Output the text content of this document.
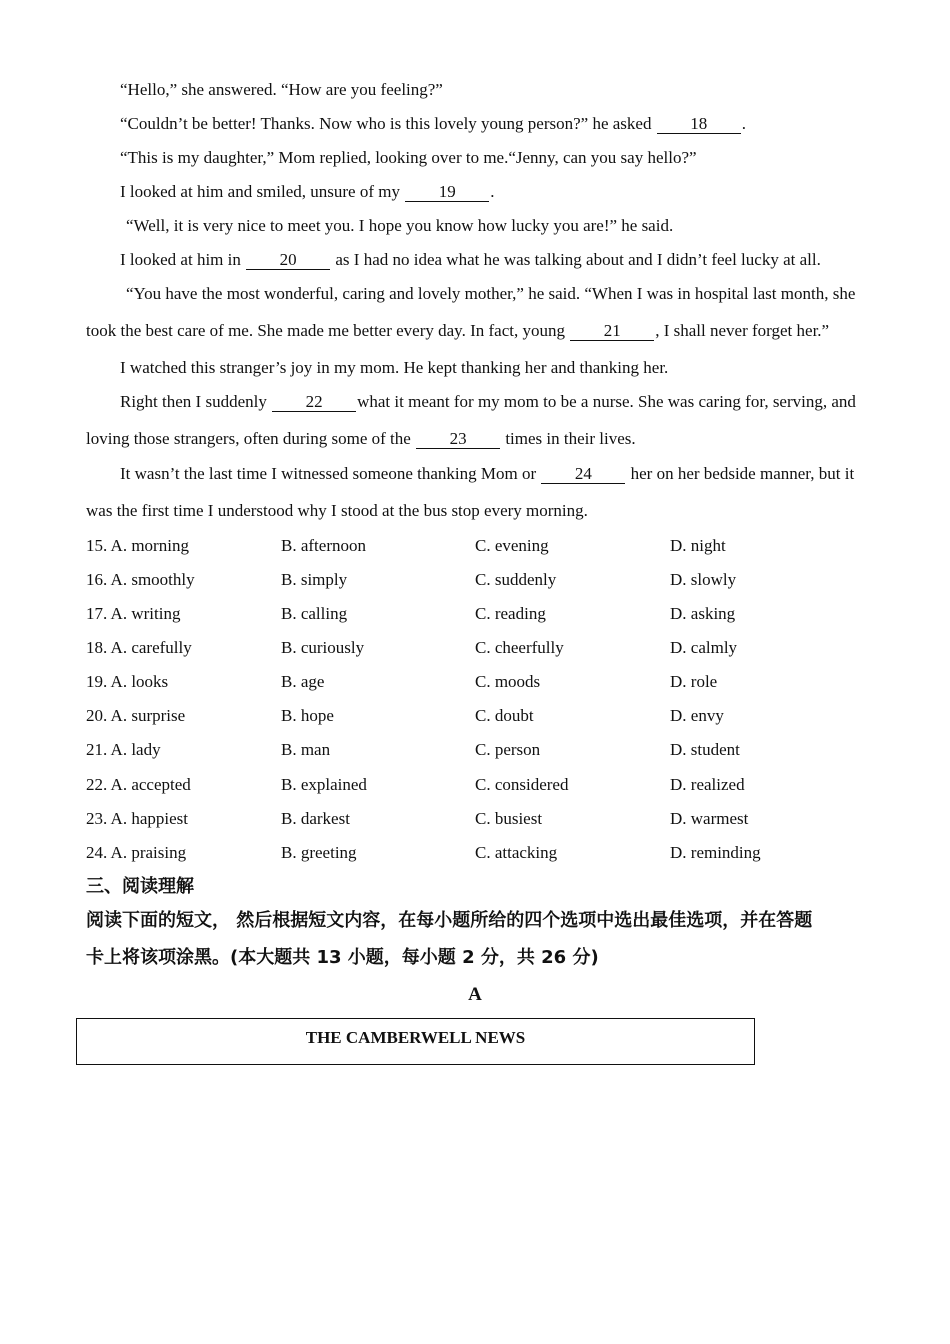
“Hello,” she answered. “How are you feeling?”
“Couldn’t be better! Thanks. Now who is this lovely young person?” he asked 18 .
“This is my daughter,” Mom replied, looking over to me.“Jenny, can you say hello?”
I looked at him and smiled, unsure of my 19 .
“Well, it is very nice to meet you. I hope you know how lucky you are!” he said.
I looked at him in 20 as I had no idea what he was talking about and I didn’t feel lucky at all.
“You have the most wonderful, caring and lovely mother,” he said. “When I was in hospital last month, she
took the best care of me. She made me better every day. In fact, young 21 , I shall never forget her.”
I watched this stranger’s joy in my mom. He kept thanking her and thanking her.
Right then I suddenly 22 what it meant for my mom to be a nurse. She was caring for, serving, and
loving those strangers, often during some of the 23 times in their lives.
It wasn’t the last time I witnessed someone thanking Mom or 24 her on her bedside manner, but it
was the first time I understood why I stood at the bus stop every morning.
15. A. morning	B. afternoon	C. evening	D. night
16. A. smoothly	B. simply	C. suddenly	D. slowly
17. A. writing	B. calling	C. reading	D. asking
18. A. carefully	B. curiously	C. cheerfully	D. calmly
19. A. looks	B. age	C. moods	D. role
20. A. surprise	B. hope	C. doubt	D. envy
21. A. lady	B. man	C. person	D. student
22. A. accepted	B. explained	C. considered	D. realized
23. A. happiest	B. darkest	C. busiest	D. warmest
24. A. praising	B. greeting	C. attacking	D. reminding
三、阅读理解
阅读下面的短文， 然后根据短文内容，在每小题所给的四个选项中选出最佳选项，并在答题
卡上将该项涂黑。(本大题共 13 小题，每小题 2 分，共 26 分)
A
THE CAMBERWELL NEWS
